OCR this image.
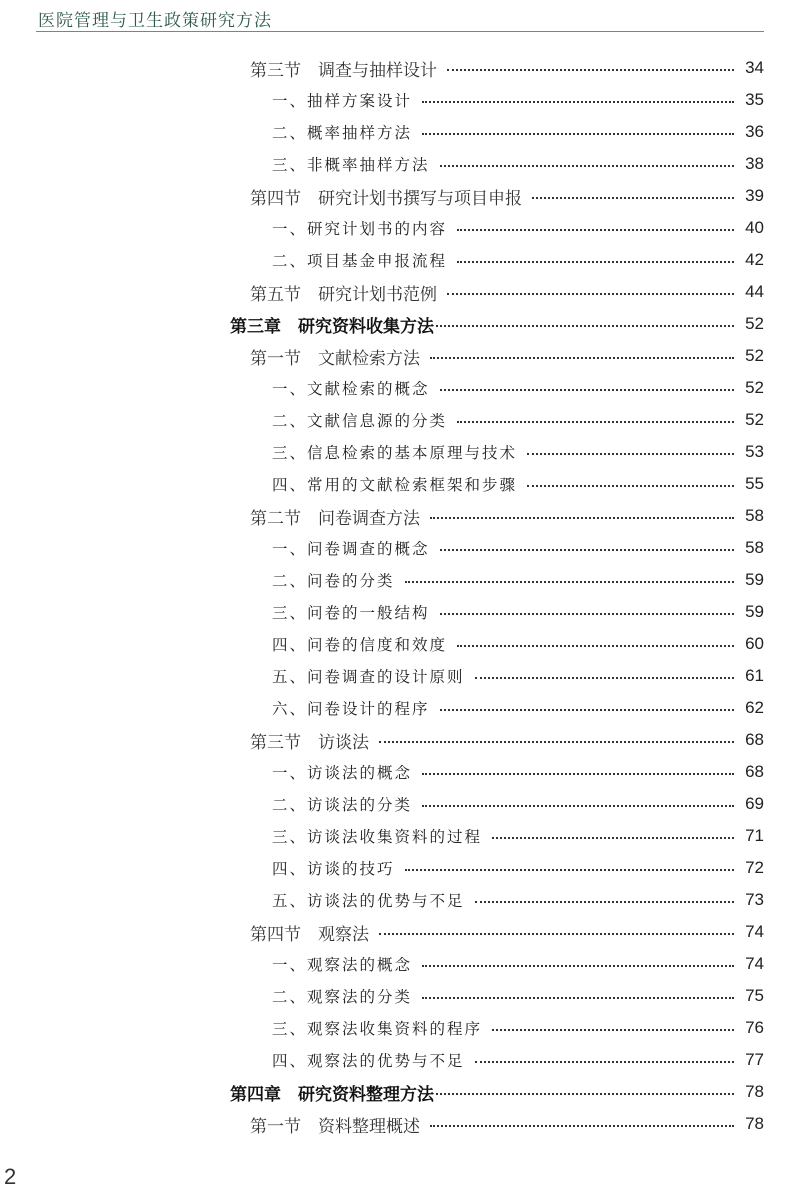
医院管理与卫生政策研究方法
第三节　调查与抽样设计	34
一、抽样方案设计	35
二、概率抽样方法	36
三、非概率抽样方法	38
第四节　研究计划书撰写与项目申报	39
一、研究计划书的内容	40
二、项目基金申报流程	42
第五节　研究计划书范例	44
第三章　研究资料收集方法	52
第一节　文献检索方法	52
一、文献检索的概念	52
二、文献信息源的分类	52
三、信息检索的基本原理与技术	53
四、常用的文献检索框架和步骤	55
第二节　问卷调查方法	58
一、问卷调查的概念	58
二、问卷的分类	59
三、问卷的一般结构	59
四、问卷的信度和效度	60
五、问卷调查的设计原则	61
六、问卷设计的程序	62
第三节　访谈法	68
一、访谈法的概念	68
二、访谈法的分类	69
三、访谈法收集资料的过程	71
四、访谈的技巧	72
五、访谈法的优势与不足	73
第四节　观察法	74
一、观察法的概念	74
二、观察法的分类	75
三、观察法收集资料的程序	76
四、观察法的优势与不足	77
第四章　研究资料整理方法	78
第一节　资料整理概述	78
2
